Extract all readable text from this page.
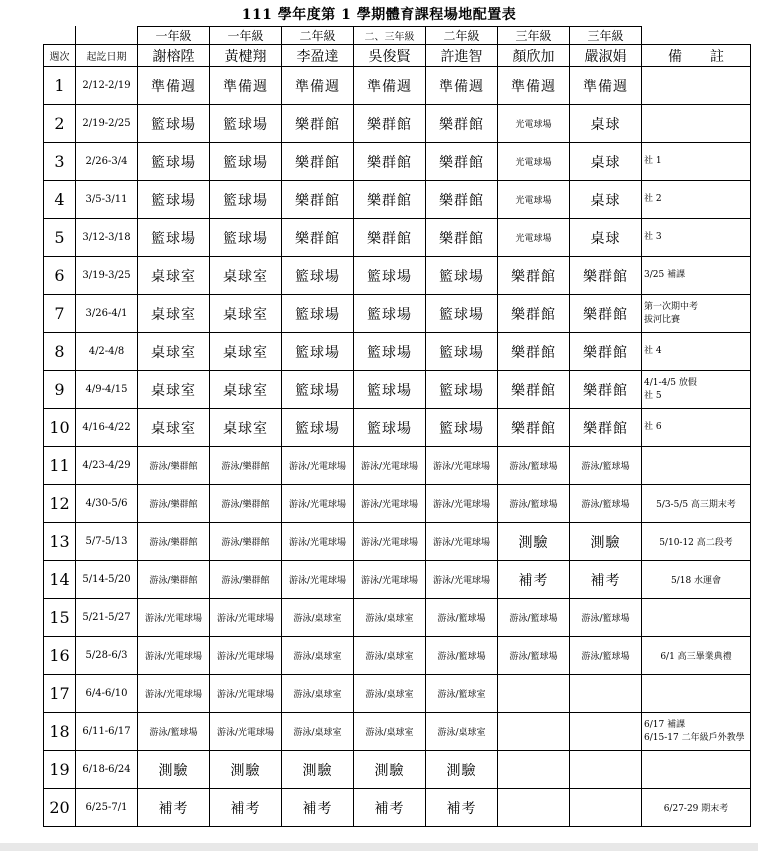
111 學年度第 1 學期體育課程場地配置表
		一年級	一年級	二年級	二、三年級	二年級	三年級	三年級	
週次	起訖日期	謝榕陞	黃楗翔	李盈達	吳俊賢	許進智	顏欣加	嚴淑娟	備　　註
1	2/12-2/19	準備週	準備週	準備週	準備週	準備週	準備週	準備週	
2	2/19-2/25	籃球場	籃球場	樂群館	樂群館	樂群館	光電球場	桌球	
3	2/26-3/4	籃球場	籃球場	樂群館	樂群館	樂群館	光電球場	桌球	社 1
4	3/5-3/11	籃球場	籃球場	樂群館	樂群館	樂群館	光電球場	桌球	社 2
5	3/12-3/18	籃球場	籃球場	樂群館	樂群館	樂群館	光電球場	桌球	社 3
6	3/19-3/25	桌球室	桌球室	籃球場	籃球場	籃球場	樂群館	樂群館	3/25 補課
7	3/26-4/1	桌球室	桌球室	籃球場	籃球場	籃球場	樂群館	樂群館	第一次期中考
拔河比賽
8	4/2-4/8	桌球室	桌球室	籃球場	籃球場	籃球場	樂群館	樂群館	社 4
9	4/9-4/15	桌球室	桌球室	籃球場	籃球場	籃球場	樂群館	樂群館	4/1-4/5 放假
社 5
10	4/16-4/22	桌球室	桌球室	籃球場	籃球場	籃球場	樂群館	樂群館	社 6
11	4/23-4/29	游泳/樂群館	游泳/樂群館	游泳/光電球場	游泳/光電球場	游泳/光電球場	游泳/籃球場	游泳/籃球場	
12	4/30-5/6	游泳/樂群館	游泳/樂群館	游泳/光電球場	游泳/光電球場	游泳/光電球場	游泳/籃球場	游泳/籃球場	5/3-5/5 高三期末考
13	5/7-5/13	游泳/樂群館	游泳/樂群館	游泳/光電球場	游泳/光電球場	游泳/光電球場	測驗	測驗	5/10-12 高二段考
14	5/14-5/20	游泳/樂群館	游泳/樂群館	游泳/光電球場	游泳/光電球場	游泳/光電球場	補考	補考	5/18 水運會
15	5/21-5/27	游泳/光電球場	游泳/光電球場	游泳/桌球室	游泳/桌球室	游泳/籃球場	游泳/籃球場	游泳/籃球場	
16	5/28-6/3	游泳/光電球場	游泳/光電球場	游泳/桌球室	游泳/桌球室	游泳/籃球場	游泳/籃球場	游泳/籃球場	6/1 高三畢業典禮
17	6/4-6/10	游泳/光電球場	游泳/光電球場	游泳/桌球室	游泳/桌球室	游泳/籃球室			
18	6/11-6/17	游泳/籃球場	游泳/光電球場	游泳/桌球室	游泳/桌球室	游泳/桌球室			6/17 補課
6/15-17 二年級戶外教學
19	6/18-6/24	測驗	測驗	測驗	測驗	測驗			
20	6/25-7/1	補考	補考	補考	補考	補考			6/27-29 期末考
